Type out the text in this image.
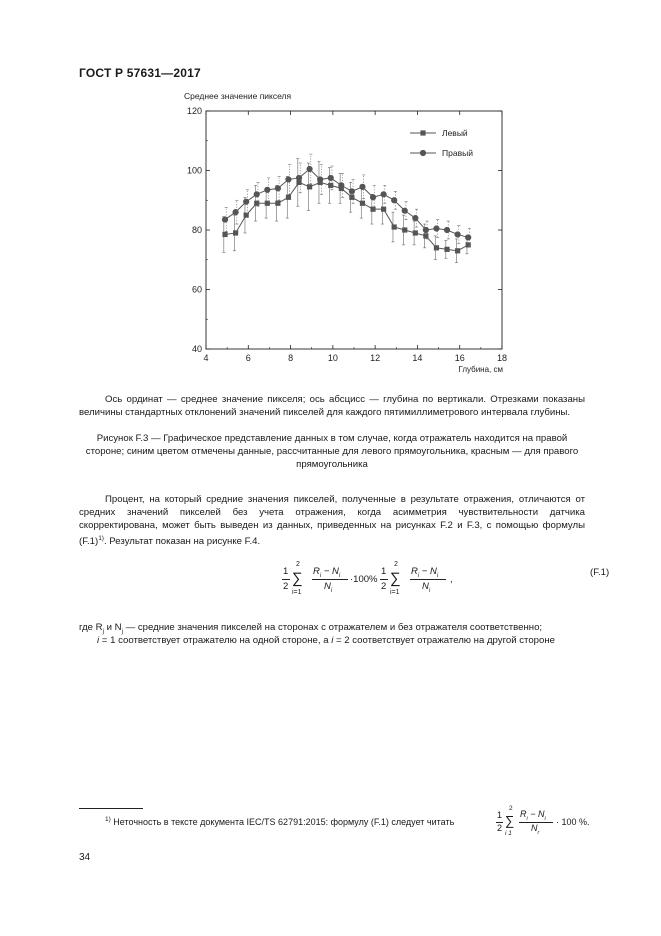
ГОСТ Р 57631—2017
4	6	8	10	12	14	16	18
40
60
80
100
120
Среднее значение пикселя
Глубина, см
Левый
Правый
Ось ординат — среднее значение пикселя; ось абсцисс — глубина по вертикали. Отрезками показаны величины стандартных отклонений значений пикселей для каждого пятимиллиметрового интервала глубины.
Рисунок F.3 — Графическое представление данных в том случае, когда отражатель находится на правой стороне; синим цветом отмечены данные, рассчитанные для левого прямоугольника, красным — для правого прямоугольника
Процент, на который средние значения пикселей, полученные в результате отражения, отличаются от средних значений пикселей без учета отражения, когда асимметрия чувствительности датчика скорректирована, может быть выведен из данных, приведенных на рисунках F.2 и F.3, с помощью формулы $(F.1)^{1)}$. Результат показан на рисунке F.4.
1
2
2
∑
i=1
$R_i - N_i$
$N_i$
·100%
1
2
2
∑
i=1
$R_i - N_i$
$N_i$
,
(F.1)
где $R_j$ и $N_j$ — средние значения пикселей на сторонах с отражателем и без отражателя соответственно;
i = 1 соответствует отражателю на одной стороне, а i = 2 соответствует отражателю на другой стороне
$^{1)}$ Неточность в тексте документа IEC/TS 62791:2015: формулу (F.1) следует читать
1
2
2
∑
i 1
$R_i - N_i$
$N_r$
· 100 %.
34
